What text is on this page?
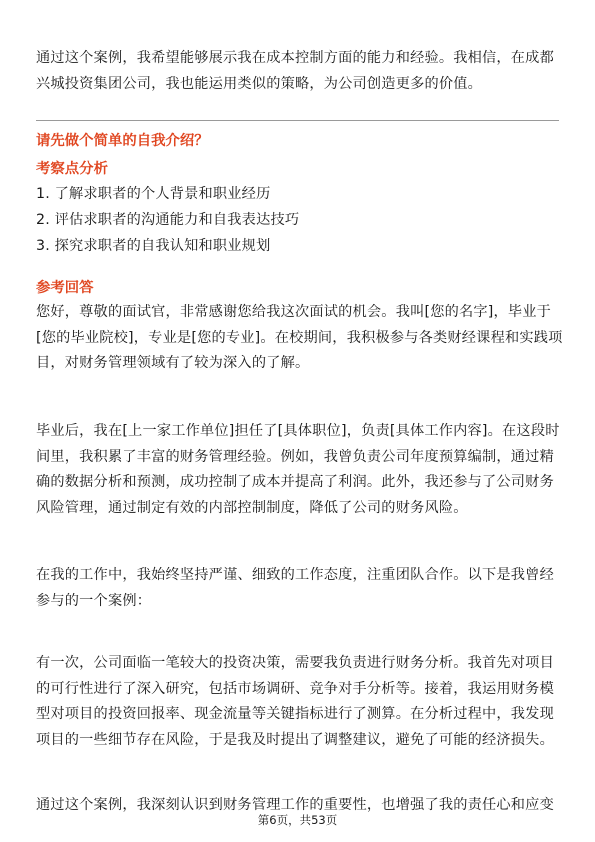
通过这个案例，我希望能够展示我在成本控制方面的能力和经验。我相信，在成都
兴城投资集团公司，我也能运用类似的策略，为公司创造更多的价值。

请先做个简单的自我介绍？
考察点分析
1. 了解求职者的个人背景和职业经历
2. 评估求职者的沟通能力和自我表达技巧
3. 探究求职者的自我认知和职业规划
参考回答

您好，尊敬的面试官，非常感谢您给我这次面试的机会。我叫[您的名字]，毕业于
[您的毕业院校]，专业是[您的专业]。在校期间，我积极参与各类财经课程和实践项
目，对财务管理领域有了较为深入的了解。

毕业后，我在[上一家工作单位]担任了[具体职位]，负责[具体工作内容]。在这段时
间里，我积累了丰富的财务管理经验。例如，我曾负责公司年度预算编制，通过精
确的数据分析和预测，成功控制了成本并提高了利润。此外，我还参与了公司财务
风险管理，通过制定有效的内部控制制度，降低了公司的财务风险。

在我的工作中，我始终坚持严谨、细致的工作态度，注重团队合作。以下是我曾经
参与的一个案例：

有一次，公司面临一笔较大的投资决策，需要我负责进行财务分析。我首先对项目
的可行性进行了深入研究，包括市场调研、竞争对手分析等。接着，我运用财务模
型对项目的投资回报率、现金流量等关键指标进行了测算。在分析过程中，我发现
项目的一些细节存在风险，于是我及时提出了调整建议，避免了可能的经济损失。

通过这个案例，我深刻认识到财务管理工作的重要性，也增强了我的责任心和应变

第6页，共53页
